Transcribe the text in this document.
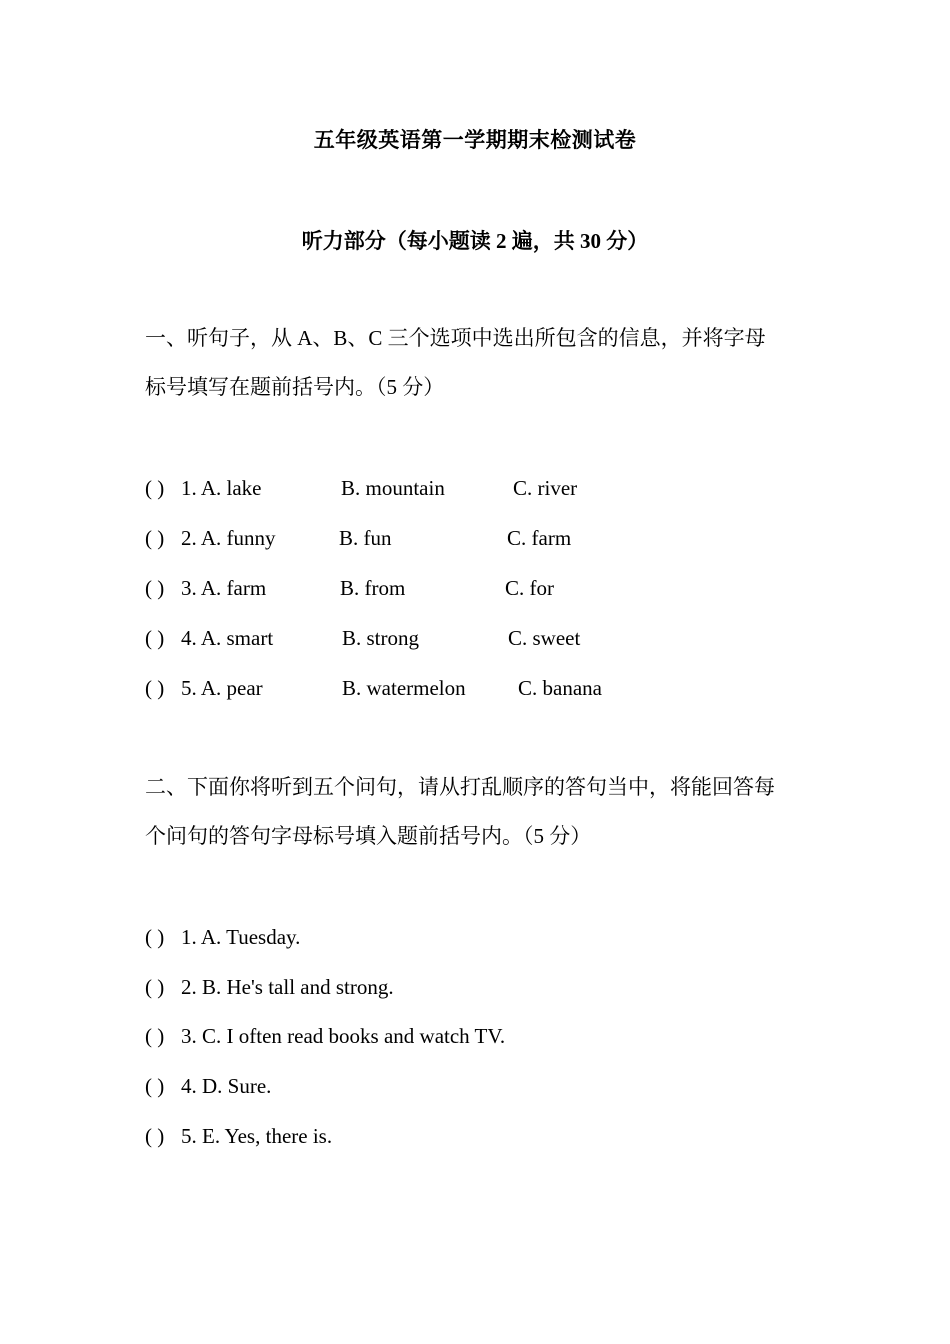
五年级英语第一学期期末检测试卷
听力部分（每小题读 2 遍，共 30 分）
一、听句子，从 A、B、C 三个选项中选出所包含的信息，并将字母
标号填写在题前括号内。（5 分）
( ) 1. A. lake	B. mountain	C. river
( ) 2. A. funny	B. fun	C. farm
( ) 3. A. farm	B. from	C. for
( ) 4. A. smart	B. strong	C. sweet
( ) 5. A. pear	B. watermelon C. banana
二、下面你将听到五个问句，请从打乱顺序的答句当中，将能回答每
个问句的答句字母标号填入题前括号内。（5 分）
( ) 1. A. Tuesday.
( ) 2. B. He's tall and strong.
( ) 3. C. I often read books and watch TV.
( ) 4. D. Sure.
( ) 5. E. Yes, there is.
